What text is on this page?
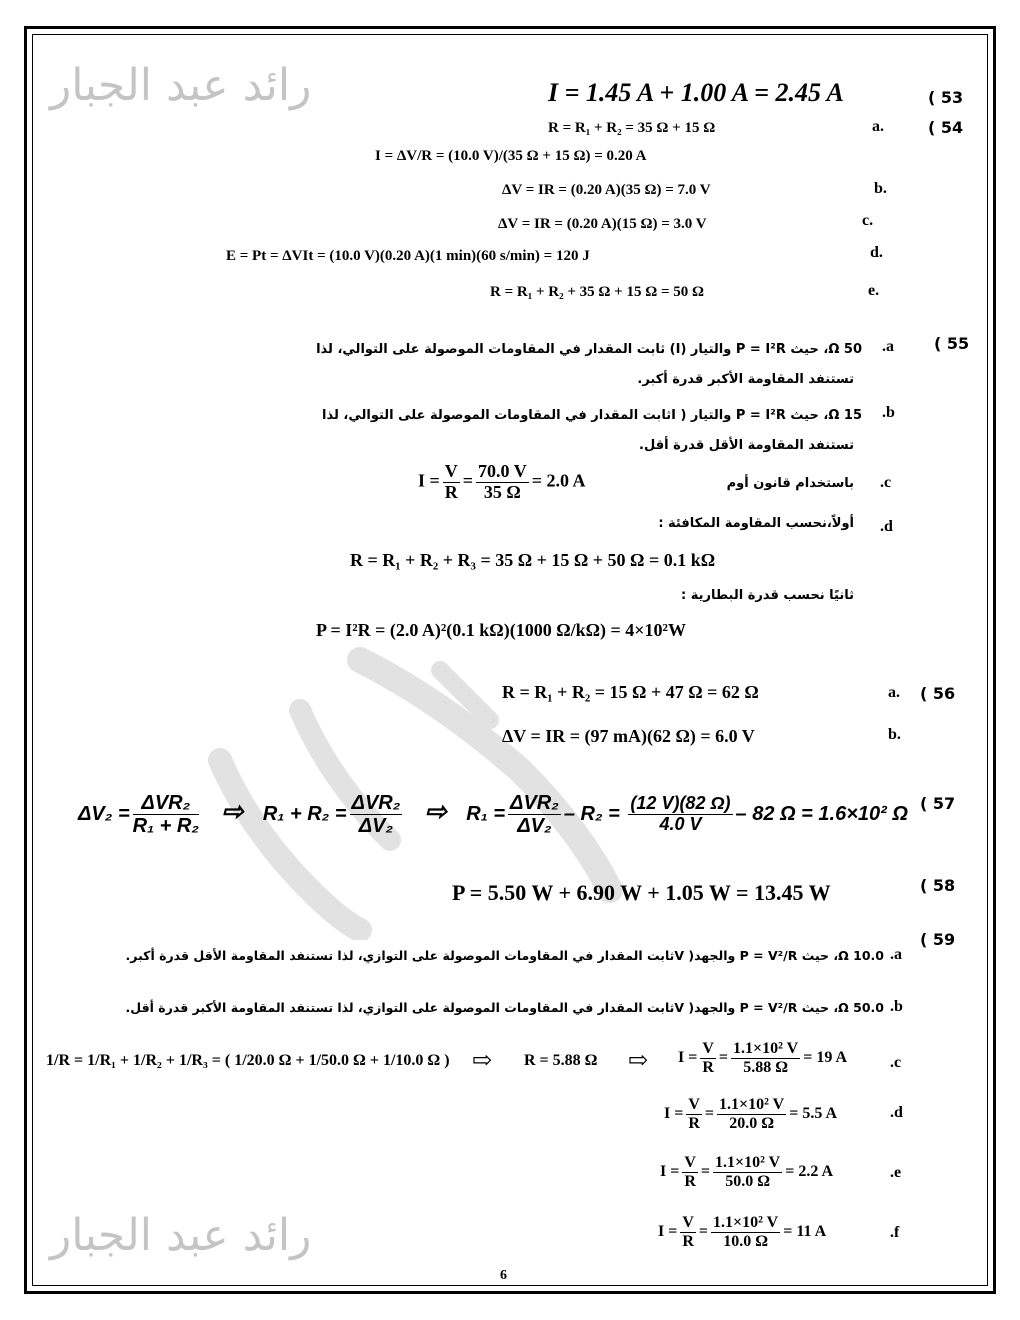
رائد عبد الجبار
رائد عبد الجبار
( 53
I = 1.45 A + 1.00 A = 2.45 A
( 54
a.
R = R₁ + R₂ = 35 Ω + 15 Ω
I = ΔV/R = (10.0 V)/(35 Ω + 15 Ω) = 0.20 A
b.
ΔV = IR = (0.20 A)(35 Ω) = 7.0 V
c.
ΔV = IR = (0.20 A)(15 Ω) = 3.0 V
d.
E = Pt = ΔVIt = (10.0 V)(0.20 A)(1 min)(60 s/min) = 120 J
e.
R = R₁ + R₂ + 35 Ω + 15 Ω = 50 Ω
( 55
.a
50 Ω، حيث P = I²R والتيار (I) ثابت المقدار في المقاومات الموصولة على التوالي، لذا
تستنفد المقاومة الأكبر قدرة أكبر.
.b
15 Ω، حيث P = I²R والتيار ( Iثابت المقدار في المقاومات الموصولة على التوالي، لذا
تستنفد المقاومة الأقل قدرة أقل.
.c
باستخدام قانون أوم
$I = \frac{V}{R} = \frac{70.0 V}{35 \Omega} = 2.0$ A
.d
أولاً،نحسب المقاومة المكافئة :
R = R₁ + R₂ + R₃ = 35 Ω + 15 Ω + 50 Ω = 0.1 kΩ
ثانيًا نحسب قدرة البطارية :
P = I²R = (2.0 A)²(0.1 kΩ)(1000 Ω/kΩ) = 4×10²W
( 56
a.
R = R₁ + R₂ = 15 Ω + 47 Ω = 62 Ω
b.
ΔV = IR = (97 mA)(62 Ω) = 6.0 V
( 57
$\Delta V_2 = \frac{\text{ΔVR₂}}{\text{R₁ + R₂}}$ ⇨ $R_1 + R_2 = \frac{\text{ΔVR₂}}{\text{ΔV₂}}$ ⇨ $R_1 = \frac{\text{ΔVR₂}}{\text{ΔV₂}} - R_2 = \frac{(12 V)(82 \Omega)}{4.0 V} - 82$ Ω = 1.6×10² Ω
( 58
P = 5.50 W + 6.90 W + 1.05 W = 13.45 W
( 59
.a
10.0 Ω، حيث P = V²/R والجهد( Vثابت المقدار في المقاومات الموصولة على التوازي، لذا تستنفد المقاومة الأقل قدرة أكبر.
.b
50.0 Ω، حيث P = V²/R والجهد( Vثابت المقدار في المقاومات الموصولة على التوازي، لذا تستنفد المقاومة الأكبر قدرة أقل.
1/R = 1/R₁ + 1/R₂ + 1/R₃ = ( 1/20.0 Ω + 1/50.0 Ω + 1/10.0 Ω ) ⇨ R = 5.88 Ω ⇨ $I = \frac{V}{R} = \frac{\text{1.1×10² V}}{5.88 \Omega} = 19$ A	.c
$I = \frac{V}{R} = \frac{\text{1.1×10² V}}{20.0 \Omega} = 5.5$ A	.d
$I = \frac{V}{R} = \frac{\text{1.1×10² V}}{50.0 \Omega} = 2.2$ A	.e
$I = \frac{V}{R} = \frac{\text{1.1×10² V}}{10.0 \Omega} = 11$ A	.f
6
